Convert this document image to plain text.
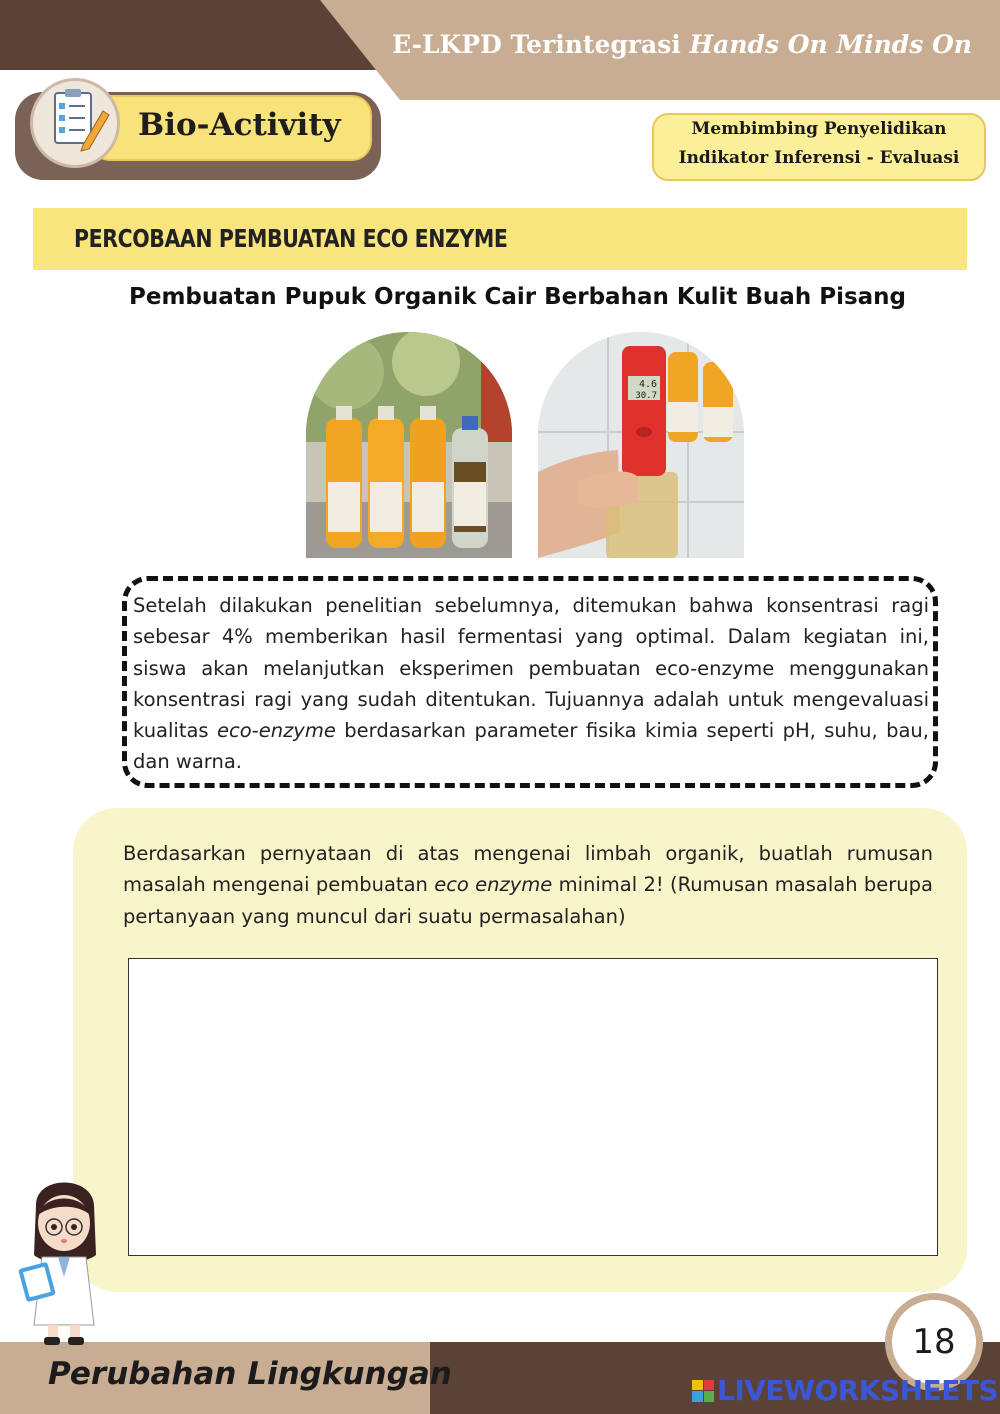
E-LKPD Terintegrasi Hands On Minds On
Bio-Activity	Membimbing Penyelidikan
Indikator Inferensi - Evaluasi
PERCOBAAN PEMBUATAN ECO ENZYME
Pembuatan Pupuk Organik Cair Berbahan Kulit Buah Pisang
4.6
30.7
Setelah dilakukan penelitian sebelumnya, ditemukan bahwa konsentrasi ragi sebesar 4% memberikan hasil fermentasi yang optimal. Dalam kegiatan ini, siswa akan melanjutkan eksperimen pembuatan eco-enzyme menggunakan konsentrasi ragi yang sudah ditentukan. Tujuannya adalah untuk mengevaluasi kualitas eco-enzyme berdasarkan parameter fisika kimia seperti pH, suhu, bau, dan warna.
Berdasarkan pernyataan di atas mengenai limbah organik, buatlah rumusan masalah mengenai pembuatan eco enzyme minimal 2! (Rumusan masalah berupa pertanyaan yang muncul dari suatu permasalahan)
Perubahan Lingkungan
18
LIVEWORKSHEETS
